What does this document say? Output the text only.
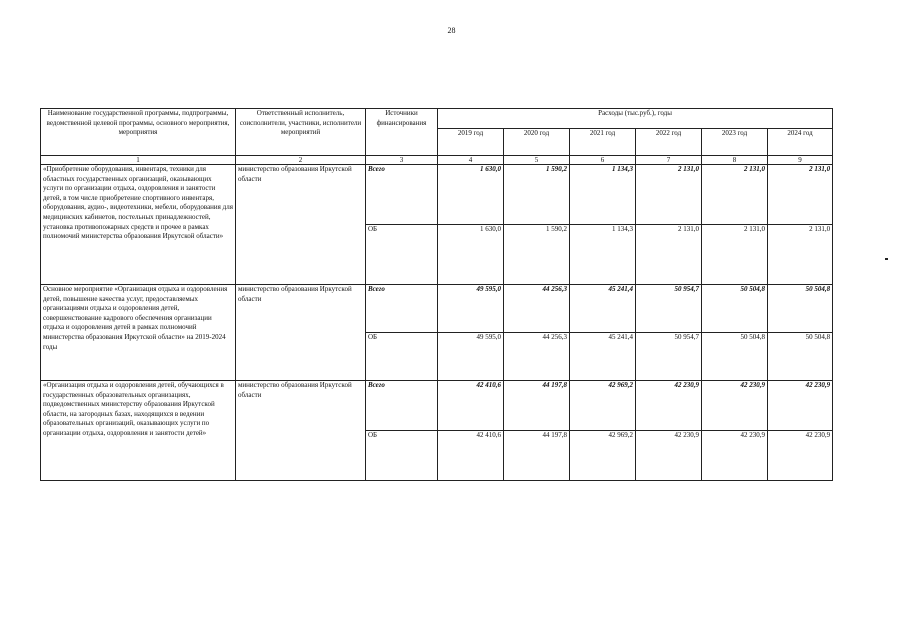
28
Наименование государственной программы, подпрограммы, ведомственной целевой программы, основного мероприятия, мероприятия	Ответственный исполнитель, соисполнители, участники, исполнители мероприятий	Источники финансирования	Расходы (тыс.руб.), годы					
			2019 год	2020 год	2021 год	2022 год	2023 год	2024 год
1	2	3	4	5	6	7	8	9
«Приобретение оборудования, инвентаря, техники для областных государственных организаций, оказывающих услуги по организации отдыха, оздоровления и занятости детей, в том числе приобретение спортивного инвентаря, оборудования, аудио-, видеотехники, мебели, оборудования для медицинских кабинетов, постельных принадлежностей, установка противопожарных средств и прочее в рамках полномочий министерства образования Иркутской области»	министерство образования Иркутской области	Всего	1 630,0	1 590,2	1 134,3	2 131,0	2 131,0	2 131,0
		ОБ	1 630,0	1 590,2	1 134,3	2 131,0	2 131,0	2 131,0
Основное мероприятие «Организация отдыха и оздоровления детей, повышение качества услуг, предоставляемых организациями отдыха и оздоровления детей, совершенствование кадрового обеспечения организации отдыха и оздоровления детей в рамках полномочий министерства образования Иркутской области» на 2019-2024 годы	министерство образования Иркутской области	Всего	49 595,0	44 256,3	45 241,4	50 954,7	50 504,8	50 504,8
		ОБ	49 595,0	44 256,3	45 241,4	50 954,7	50 504,8	50 504,8
«Организация отдыха и оздоровления детей, обучающихся в государственных образовательных организациях, подведомственных министерству образования Иркутской области, на загородных базах, находящихся в ведении образовательных организаций, оказывающих услуги по организации отдыха, оздоровления и занятости детей»	министерство образования Иркутской области	Всего	42 410,6	44 197,8	42 969,2	42 230,9	42 230,9	42 230,9
		ОБ	42 410,6	44 197,8	42 969,2	42 230,9	42 230,9	42 230,9
